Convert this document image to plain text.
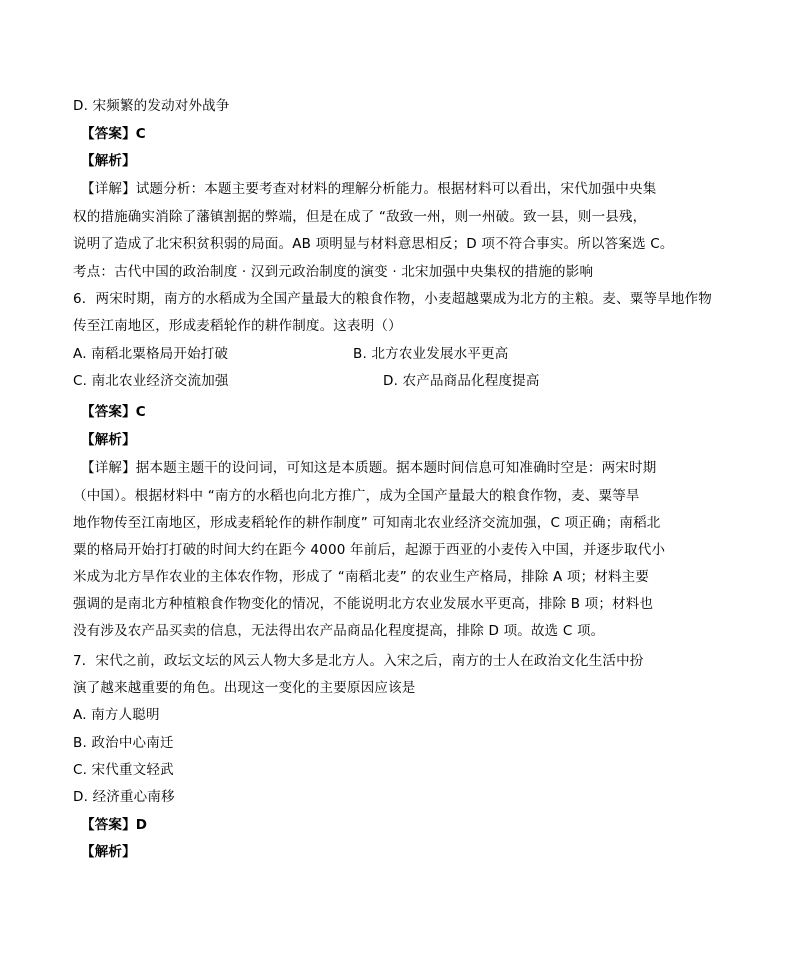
D. 宋频繁的发动对外战争
【答案】C
【解析】
【详解】试题分析：本题主要考查对材料的理解分析能力。根据材料可以看出，宋代加强中央集
权的措施确实消除了藩镇割据的弊端，但是在成了 “敌致一州，则一州破。致一县，则一县残，
说明了造成了北宋积贫积弱的局面。AB 项明显与材料意思相反；D 项不符合事实。所以答案选 C。
考点：古代中国的政治制度 · 汉到元政治制度的演变 · 北宋加强中央集权的措施的影响
6．两宋时期，南方的水稻成为全国产量最大的粮食作物，小麦超越粟成为北方的主粮。麦、粟等旱地作物
传至江南地区，形成麦稻轮作的耕作制度。这表明（）
A. 南稻北粟格局开始打破	B. 北方农业发展水平更高
C. 南北农业经济交流加强	D. 农产品商品化程度提高
【答案】C
【解析】
【详解】据本题主题干的设问词，可知这是本质题。据本题时间信息可知准确时空是：两宋时期
（中国）。根据材料中 “南方的水稻也向北方推广，成为全国产量最大的粮食作物，麦、粟等旱
地作物传至江南地区，形成麦稻轮作的耕作制度” 可知南北农业经济交流加强，C 项正确；南稻北
粟的格局开始打打破的时间大约在距今 4000 年前后，起源于西亚的小麦传入中国，并逐步取代小
米成为北方旱作农业的主体农作物，形成了 “南稻北麦” 的农业生产格局，排除 A 项；材料主要
强调的是南北方种植粮食作物变化的情况，不能说明北方农业发展水平更高，排除 B 项；材料也
没有涉及农产品买卖的信息，无法得出农产品商品化程度提高，排除 D 项。故选 C 项。
7．宋代之前，政坛文坛的风云人物大多是北方人。入宋之后，南方的士人在政治文化生活中扮
演了越来越重要的角色。出现这一变化的主要原因应该是
A. 南方人聪明
B. 政治中心南迁
C. 宋代重文轻武
D. 经济重心南移
【答案】D
【解析】
